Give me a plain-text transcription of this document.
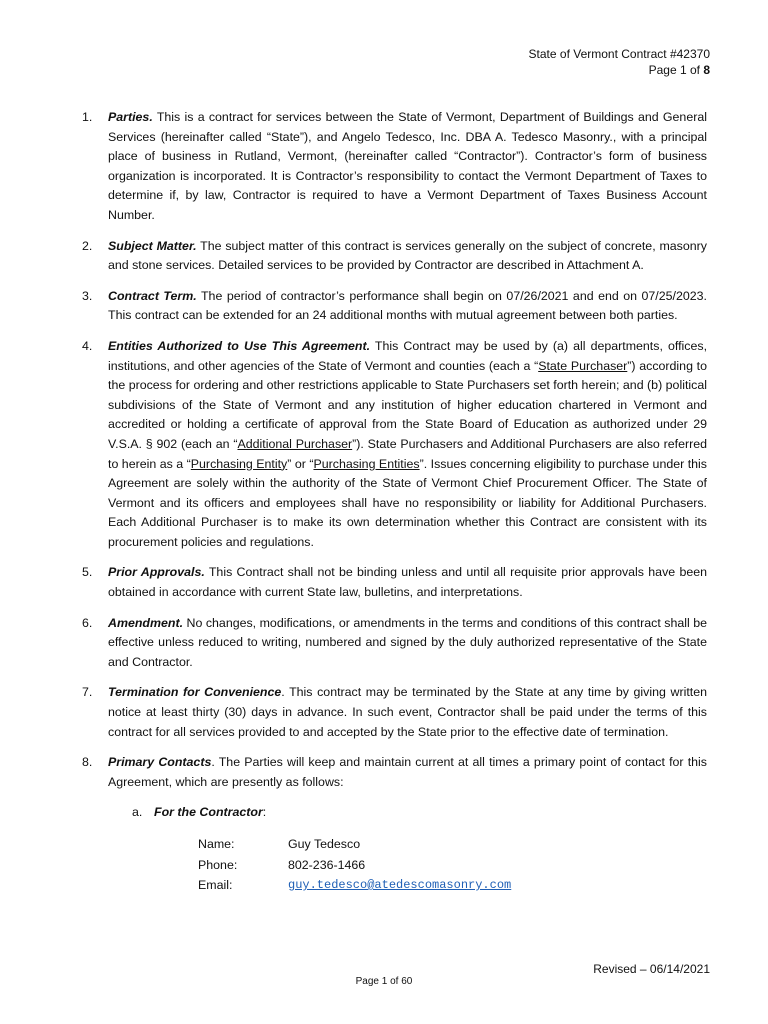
State of Vermont Contract #42370
Page 1 of 8
1. Parties. This is a contract for services between the State of Vermont, Department of Buildings and General Services (hereinafter called “State”), and Angelo Tedesco, Inc. DBA A. Tedesco Masonry., with a principal place of business in Rutland, Vermont, (hereinafter called “Contractor”). Contractor’s form of business organization is incorporated. It is Contractor’s responsibility to contact the Vermont Department of Taxes to determine if, by law, Contractor is required to have a Vermont Department of Taxes Business Account Number.
2. Subject Matter. The subject matter of this contract is services generally on the subject of concrete, masonry and stone services. Detailed services to be provided by Contractor are described in Attachment A.
3. Contract Term. The period of contractor’s performance shall begin on 07/26/2021 and end on 07/25/2023. This contract can be extended for an 24 additional months with mutual agreement between both parties.
4. Entities Authorized to Use This Agreement. This Contract may be used by (a) all departments, offices, institutions, and other agencies of the State of Vermont and counties (each a “State Purchaser”) according to the process for ordering and other restrictions applicable to State Purchasers set forth herein; and (b) political subdivisions of the State of Vermont and any institution of higher education chartered in Vermont and accredited or holding a certificate of approval from the State Board of Education as authorized under 29 V.S.A. § 902 (each an “Additional Purchaser”). State Purchasers and Additional Purchasers are also referred to herein as a “Purchasing Entity” or “Purchasing Entities”. Issues concerning eligibility to purchase under this Agreement are solely within the authority of the State of Vermont Chief Procurement Officer. The State of Vermont and its officers and employees shall have no responsibility or liability for Additional Purchasers. Each Additional Purchaser is to make its own determination whether this Contract are consistent with its procurement policies and regulations.
5. Prior Approvals. This Contract shall not be binding unless and until all requisite prior approvals have been obtained in accordance with current State law, bulletins, and interpretations.
6. Amendment. No changes, modifications, or amendments in the terms and conditions of this contract shall be effective unless reduced to writing, numbered and signed by the duly authorized representative of the State and Contractor.
7. Termination for Convenience. This contract may be terminated by the State at any time by giving written notice at least thirty (30) days in advance. In such event, Contractor shall be paid under the terms of this contract for all services provided to and accepted by the State prior to the effective date of termination.
8. Primary Contacts. The Parties will keep and maintain current at all times a primary point of contact for this Agreement, which are presently as follows:
a. For the Contractor:
Name:	Guy Tedesco
Phone:	802-236-1466
Email:	guy.tedesco@atedescomasonry.com
Revised – 06/14/2021
Page 1 of 60
